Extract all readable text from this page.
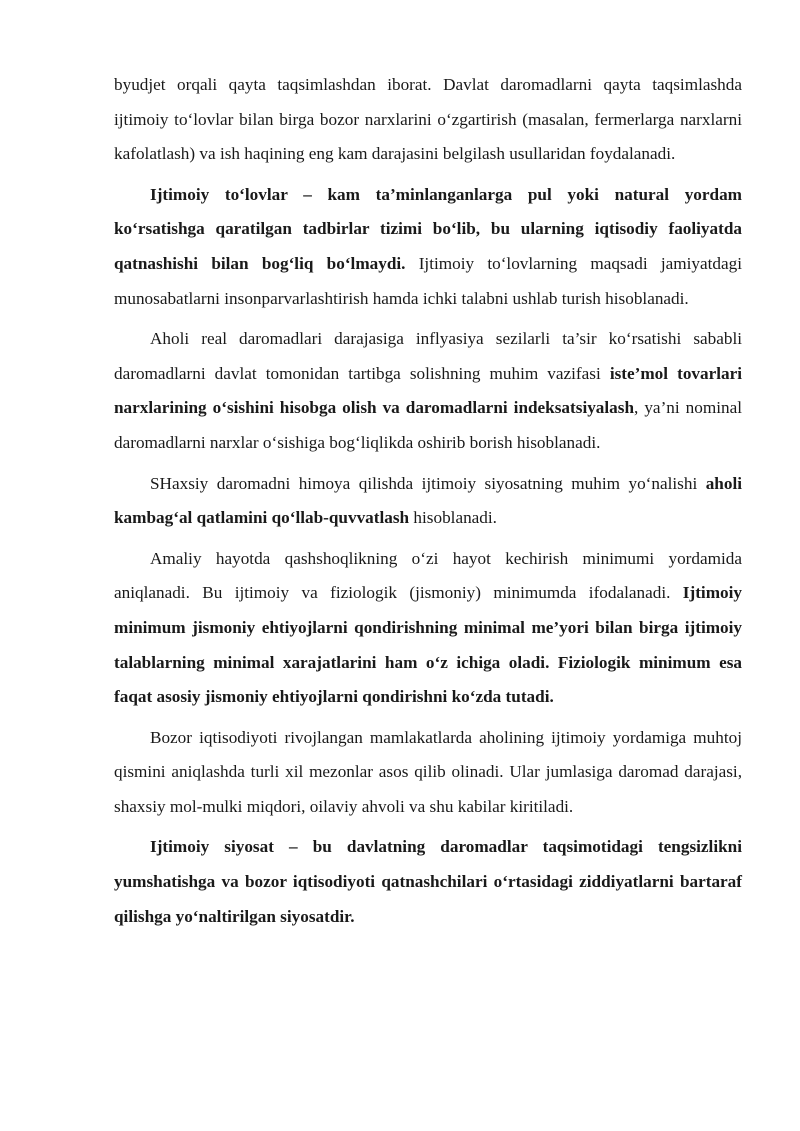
byudjet orqali qayta taqsimlashdan iborat. Davlat daromadlarni qayta taqsimlashda ijtimoiy to‘lovlar bilan birga bozor narxlarini o‘zgartirish (masalan, fermerlarga narxlarni kafolatlash) va ish haqining eng kam darajasini belgilash usullaridan foydalanadi.

Ijtimoiy to‘lovlar – kam ta’minlanganlarga pul yoki natural yordam ko‘rsatishga qaratilgan tadbirlar tizimi bo‘lib, bu ularning iqtisodiy faoliyatda qatnashishi bilan bog‘liq bo‘lmaydi. Ijtimoiy to‘lovlarning maqsadi jamiyatdagi munosabatlarni insonparvarlashtirish hamda ichki talabni ushlab turish hisoblanadi.

Aholi real daromadlari darajasiga inflyasiya sezilarli ta’sir ko‘rsatishi sababli daromadlarni davlat tomonidan tartibga solishning muhim vazifasi iste’mol tovarlari narxlarining o‘sishini hisobga olish va daromadlarni indeksatsiyalash, ya’ni nominal daromadlarni narxlar o‘sishiga bog‘liqlikda oshirib borish hisoblanadi.

SHaxsiy daromadni himoya qilishda ijtimoiy siyosatning muhim yo‘nalishi aholi kambag‘al qatlamini qo‘llab-quvvatlash hisoblanadi.

Amaliy hayotda qashshoqlikning o‘zi hayot kechirish minimumi yordamida aniqlanadi. Bu ijtimoiy va fiziologik (jismoniy) minimumda ifodalanadi. Ijtimoiy minimum jismoniy ehtiyojlarni qondirishning minimal me’yori bilan birga ijtimoiy talablarning minimal xarajatlarini ham o‘z ichiga oladi. Fiziologik minimum esa faqat asosiy jismoniy ehtiyojlarni qondirishni ko‘zda tutadi.

Bozor iqtisodiyoti rivojlangan mamlakatlarda aholining ijtimoiy yordamiga muhtoj qismini aniqlashda turli xil mezonlar asos qilib olinadi. Ular jumlasiga daromad darajasi, shaxsiy mol-mulki miqdori, oilaviy ahvoli va shu kabilar kiritiladi.

Ijtimoiy siyosat – bu davlatning daromadlar taqsimotidagi tengsizlikni yumshatishga va bozor iqtisodiyoti qatnashchilari o‘rtasidagi ziddiyatlarni bartaraf qilishga yo‘naltirilgan siyosatdir.
